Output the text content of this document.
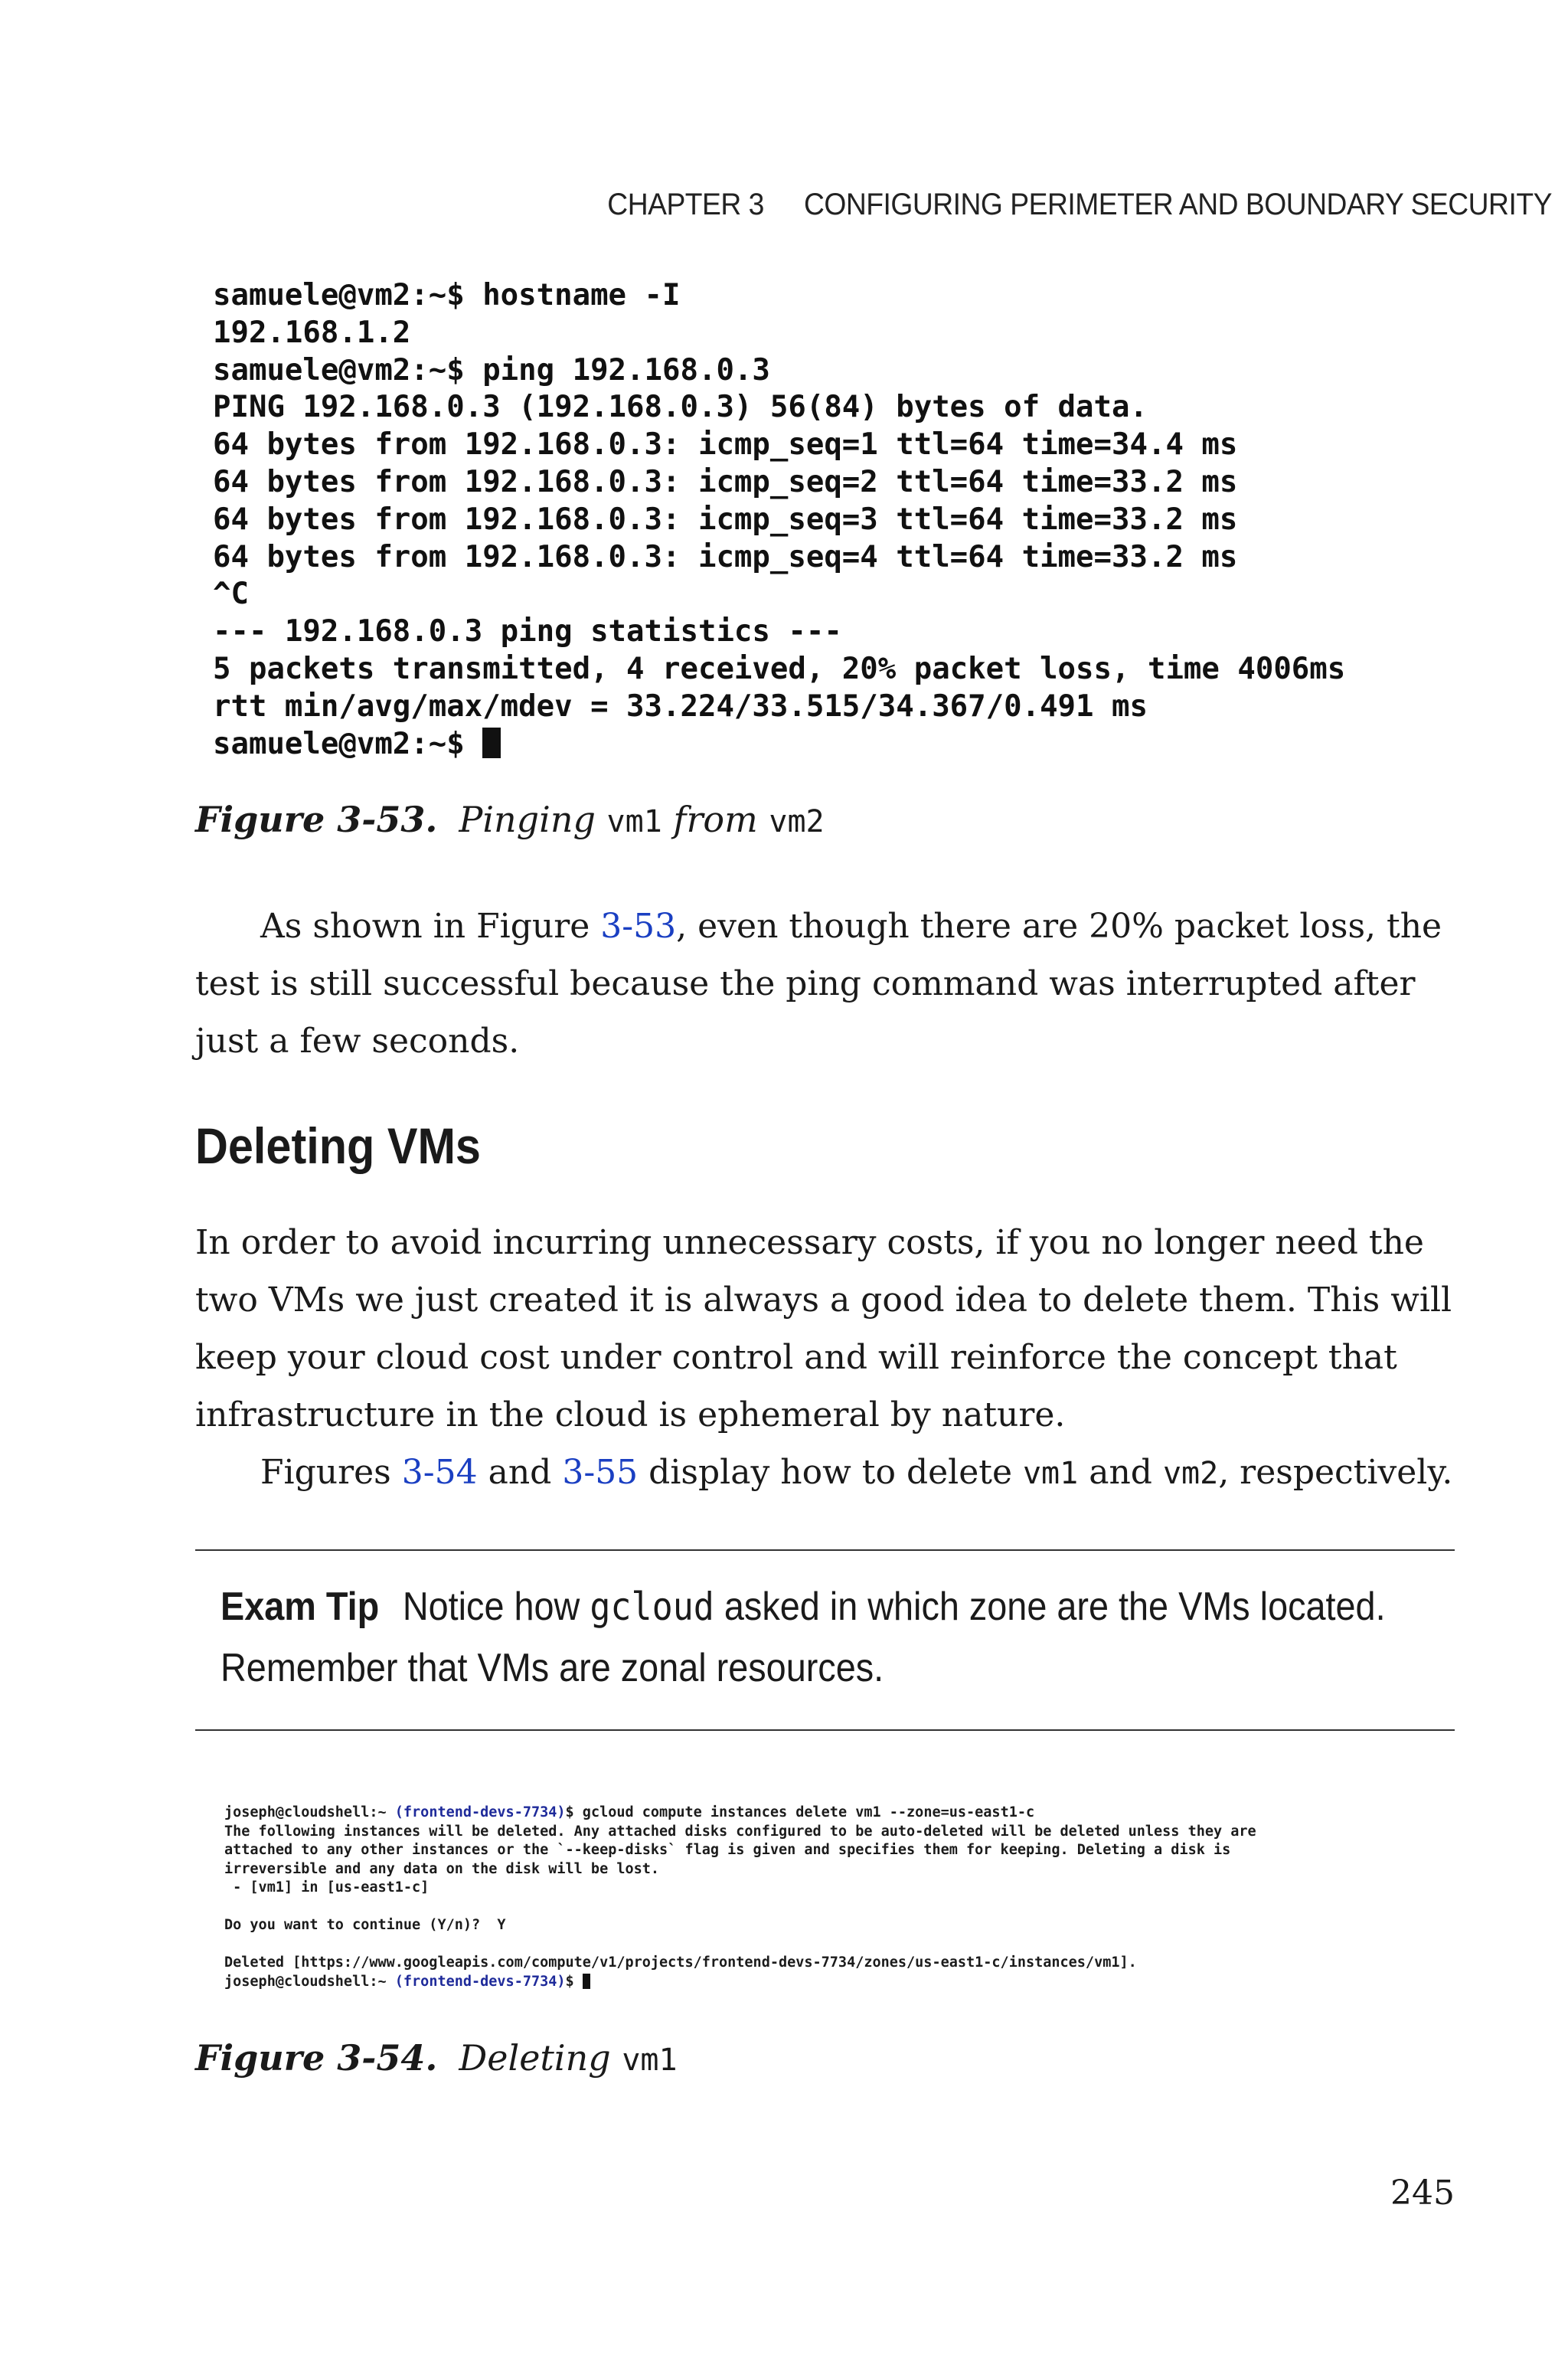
CHAPTER 3 CONFIGURING PERIMETER AND BOUNDARY SECURITY
samuele@vm2:~$ hostname -I
192.168.1.2
samuele@vm2:~$ ping 192.168.0.3
PING 192.168.0.3 (192.168.0.3) 56(84) bytes of data.
64 bytes from 192.168.0.3: icmp_seq=1 ttl=64 time=34.4 ms
64 bytes from 192.168.0.3: icmp_seq=2 ttl=64 time=33.2 ms
64 bytes from 192.168.0.3: icmp_seq=3 ttl=64 time=33.2 ms
64 bytes from 192.168.0.3: icmp_seq=4 ttl=64 time=33.2 ms
^C
--- 192.168.0.3 ping statistics ---
5 packets transmitted, 4 received, 20% packet loss, time 4006ms
rtt min/avg/max/mdev = 33.224/33.515/34.367/0.491 ms
samuele@vm2:~$
Figure 3-53. Pinging vm1 from vm2

As shown in Figure 3-53, even though there are 20% packet loss, the test is still successful because the ping command was interrupted after just a few seconds.

Deleting VMs

In order to avoid incurring unnecessary costs, if you no longer need the two VMs we just created it is always a good idea to delete them. This will keep your cloud cost under control and will reinforce the concept that infrastructure in the cloud is ephemeral by nature.

Figures 3-54 and 3-55 display how to delete vm1 and vm2, respectively.

Exam Tip Notice how gcloud asked in which zone are the VMs located. Remember that VMs are zonal resources.
joseph@cloudshell:~ (frontend-devs-7734)$ gcloud compute instances delete vm1 --zone=us-east1-c
The following instances will be deleted. Any attached disks configured to be auto-deleted will be deleted unless they are
attached to any other instances or the `--keep-disks` flag is given and specifies them for keeping. Deleting a disk is
irreversible and any data on the disk will be lost.
- [vm1] in [us-east1-c]

Do you want to continue (Y/n)?  Y

Deleted [https://www.googleapis.com/compute/v1/projects/frontend-devs-7734/zones/us-east1-c/instances/vm1].
joseph@cloudshell:~ (frontend-devs-7734)$
Figure 3-54. Deleting vm1
245
